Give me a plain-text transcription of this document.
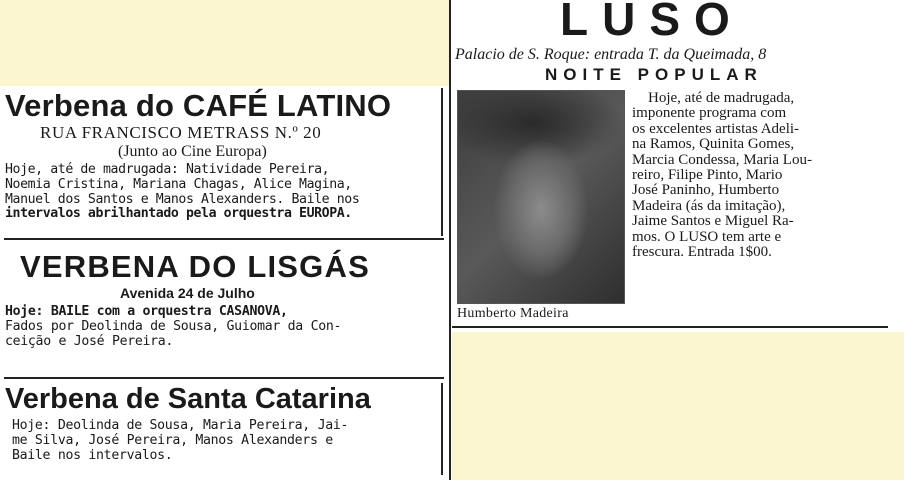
Verbena do CAFÉ LATINO
RUA FRANCISCO METRASS N.º 20
(Junto ao Cine Europa)
Hoje, até de madrugada: Natividade Pereira,
Noemia Cristina, Mariana Chagas, Alice Magina,
Manuel dos Santos e Manos Alexanders. Baile nos
intervalos abrilhantado pela orquestra EUROPA.
VERBENA DO LISGÁS
Avenida 24 de Julho
Hoje: BAILE com a orquestra CASANOVA,
Fados por Deolinda de Sousa, Guiomar da Con-
ceição e José Pereira.
Verbena de Santa Catarina
Hoje: Deolinda de Sousa, Maria Pereira, Jai-
me Silva, José Pereira, Manos Alexanders e
Baile nos intervalos.
LUSO
Palacio de S. Roque: entrada T. da Queimada, 8
NOITE POPULAR
Humberto Madeira
Hoje, até de madrugada,
imponente programa com
os excelentes artistas Adeli-
na Ramos, Quinita Gomes,
Marcia Condessa, Maria Lou-
reiro, Filipe Pinto, Mario
José Paninho, Humberto
Madeira (ás da imitação),
Jaime Santos e Miguel Ra-
mos. O LUSO tem arte e
frescura. Entrada 1$00.
